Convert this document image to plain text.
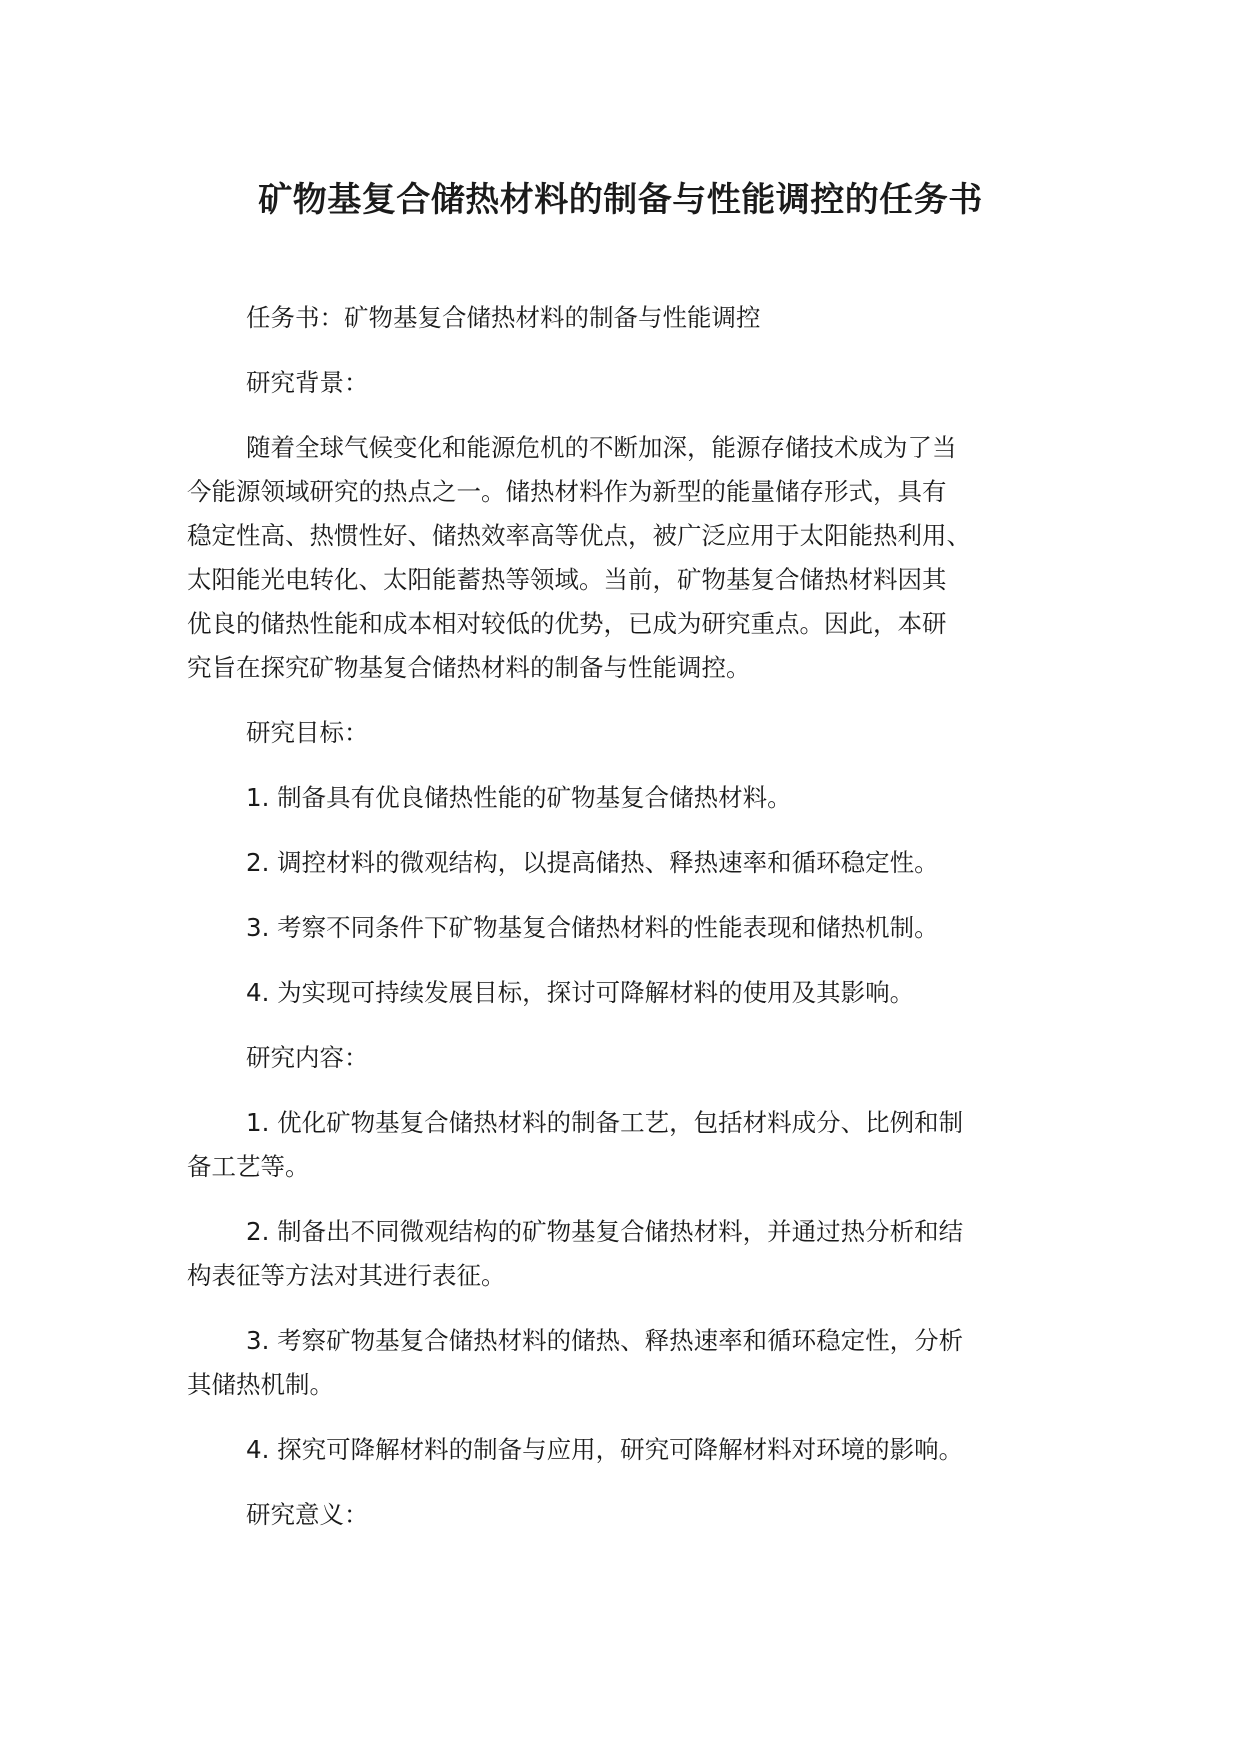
矿物基复合储热材料的制备与性能调控的任务书
任务书：矿物基复合储热材料的制备与性能调控
研究背景：
随着全球气候变化和能源危机的不断加深，能源存储技术成为了当
今能源领域研究的热点之一。储热材料作为新型的能量储存形式，具有
稳定性高、热惯性好、储热效率高等优点，被广泛应用于太阳能热利用、
太阳能光电转化、太阳能蓄热等领域。当前，矿物基复合储热材料因其
优良的储热性能和成本相对较低的优势，已成为研究重点。因此，本研
究旨在探究矿物基复合储热材料的制备与性能调控。
研究目标：
1. 制备具有优良储热性能的矿物基复合储热材料。
2. 调控材料的微观结构，以提高储热、释热速率和循环稳定性。
3. 考察不同条件下矿物基复合储热材料的性能表现和储热机制。
4. 为实现可持续发展目标，探讨可降解材料的使用及其影响。
研究内容：
1. 优化矿物基复合储热材料的制备工艺，包括材料成分、比例和制
备工艺等。
2. 制备出不同微观结构的矿物基复合储热材料，并通过热分析和结
构表征等方法对其进行表征。
3. 考察矿物基复合储热材料的储热、释热速率和循环稳定性，分析
其储热机制。
4. 探究可降解材料的制备与应用，研究可降解材料对环境的影响。
研究意义：
